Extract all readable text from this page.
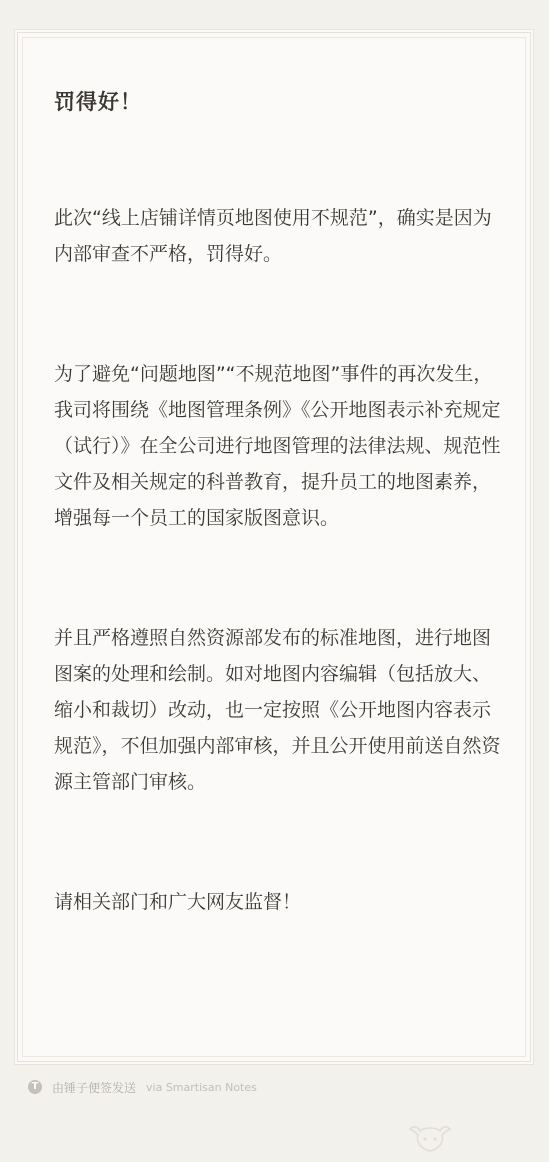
罚得好！

此次“线上店铺详情页地图使用不规范”，确实是因为内部审查不严格，罚得好。

为了避免“问题地图”“不规范地图”事件的再次发生，我司将围绕《地图管理条例》《公开地图表示补充规定（试行）》在全公司进行地图管理的法律法规、规范性文件及相关规定的科普教育，提升员工的地图素养，增强每一个员工的国家版图意识。

并且严格遵照自然资源部发布的标准地图，进行地图图案的处理和绘制。如对地图内容编辑（包括放大、缩小和裁切）改动，也一定按照《公开地图内容表示规范》，不但加强内部审核，并且公开使用前送自然资源主管部门审核。

请相关部门和广大网友监督！

T 由锤子便签发送 via Smartisan Notes
